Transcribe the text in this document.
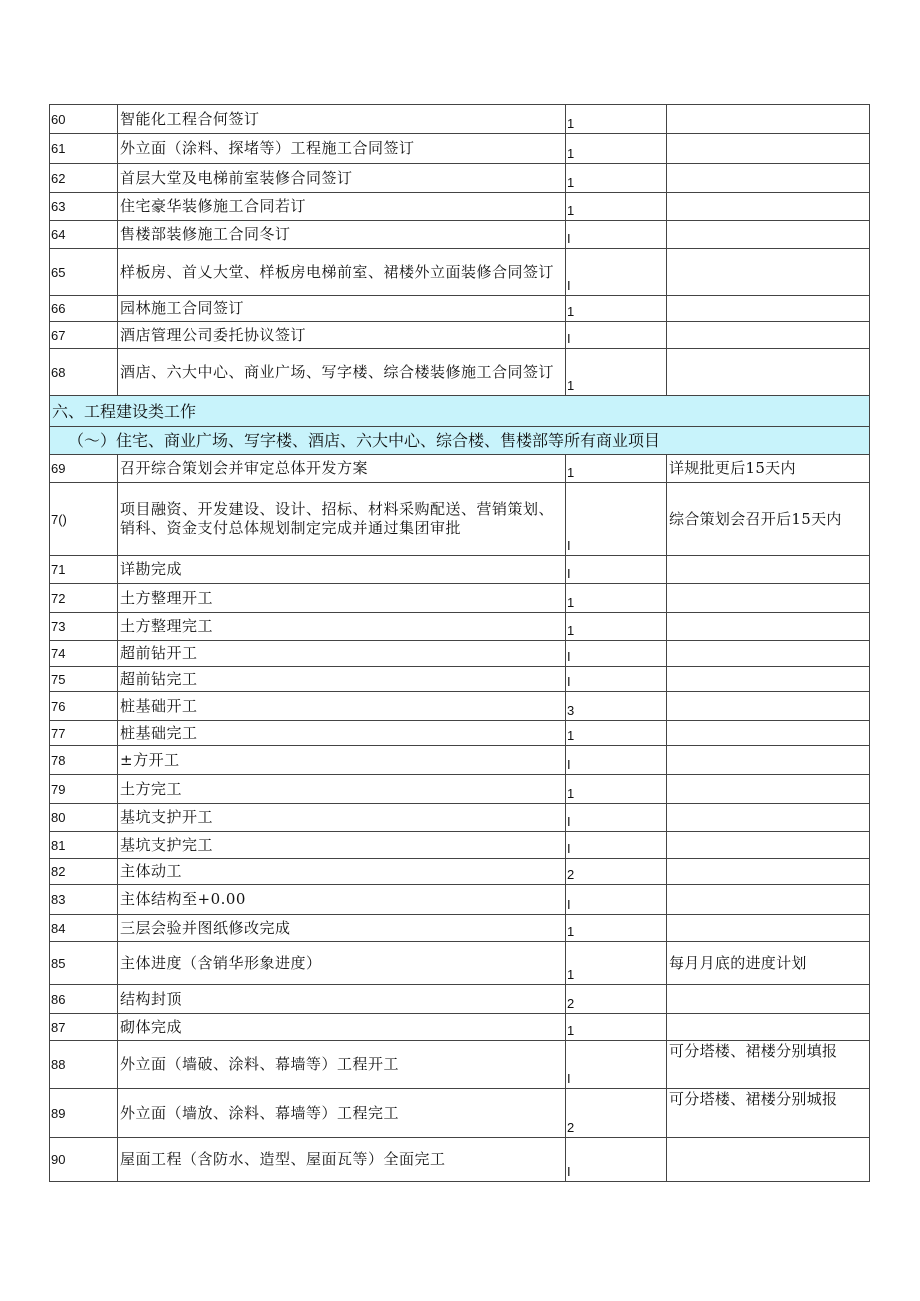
60	智能化工程合何签订	1	
61	外立面（涂料、探堵等）工程施工合同签订	1	
62	首层大堂及电梯前室装修合同签订	1	
63	住宅豪华装修施工合同若订	1	
64	售楼部装修施工合同冬订	I	
65	样板房、首乂大堂、样板房电梯前室、裙楼外立面装修合同签订	I	
66	园林施工合同签订	1	
67	酒店管理公司委托协议签订	I	
68	酒店、六大中心、商业广场、写字楼、综合楼装修施工合同签订	1	
六、工程建设类工作			
（～）住宅、商业广场、写字楼、酒店、六大中心、综合楼、售楼部等所有商业项目			
69	召开综合策划会并审定总体开发方案	1	详规批更后15天内
7()	项目融资、开发建设、设计、招标、材料采购配送、营销策划、销科、资金支付总体规划制定完成并通过集团审批	I	综合策划会召开后15天内
71	详勘完成	I	
72	土方整理开工	1	
73	土方整理完工	1	
74	超前钻开工	I	
75	超前钻完工	I	
76	桩基础开工	3	
77	桩基础完工	1	
78	±方开工	I	
79	土方完工	1	
80	基坑支护开工	I	
81	基坑支护完工	I	
82	主体动工	2	
83	主体结构至+0.00	I	
84	三层会验并图纸修改完成	1	
85	主体进度（含销华形象进度）	1	每月月底的进度计划
86	结构封顶	2	
87	砌体完成	1	
88	外立面（墙破、涂料、幕墙等）工程开工	I	可分塔楼、裙楼分别填报
89	外立面（墙放、涂料、幕墙等）工程完工	2	可分塔楼、裙楼分别城报
90	屋面工程（含防水、造型、屋面瓦等）全面完工	I	
